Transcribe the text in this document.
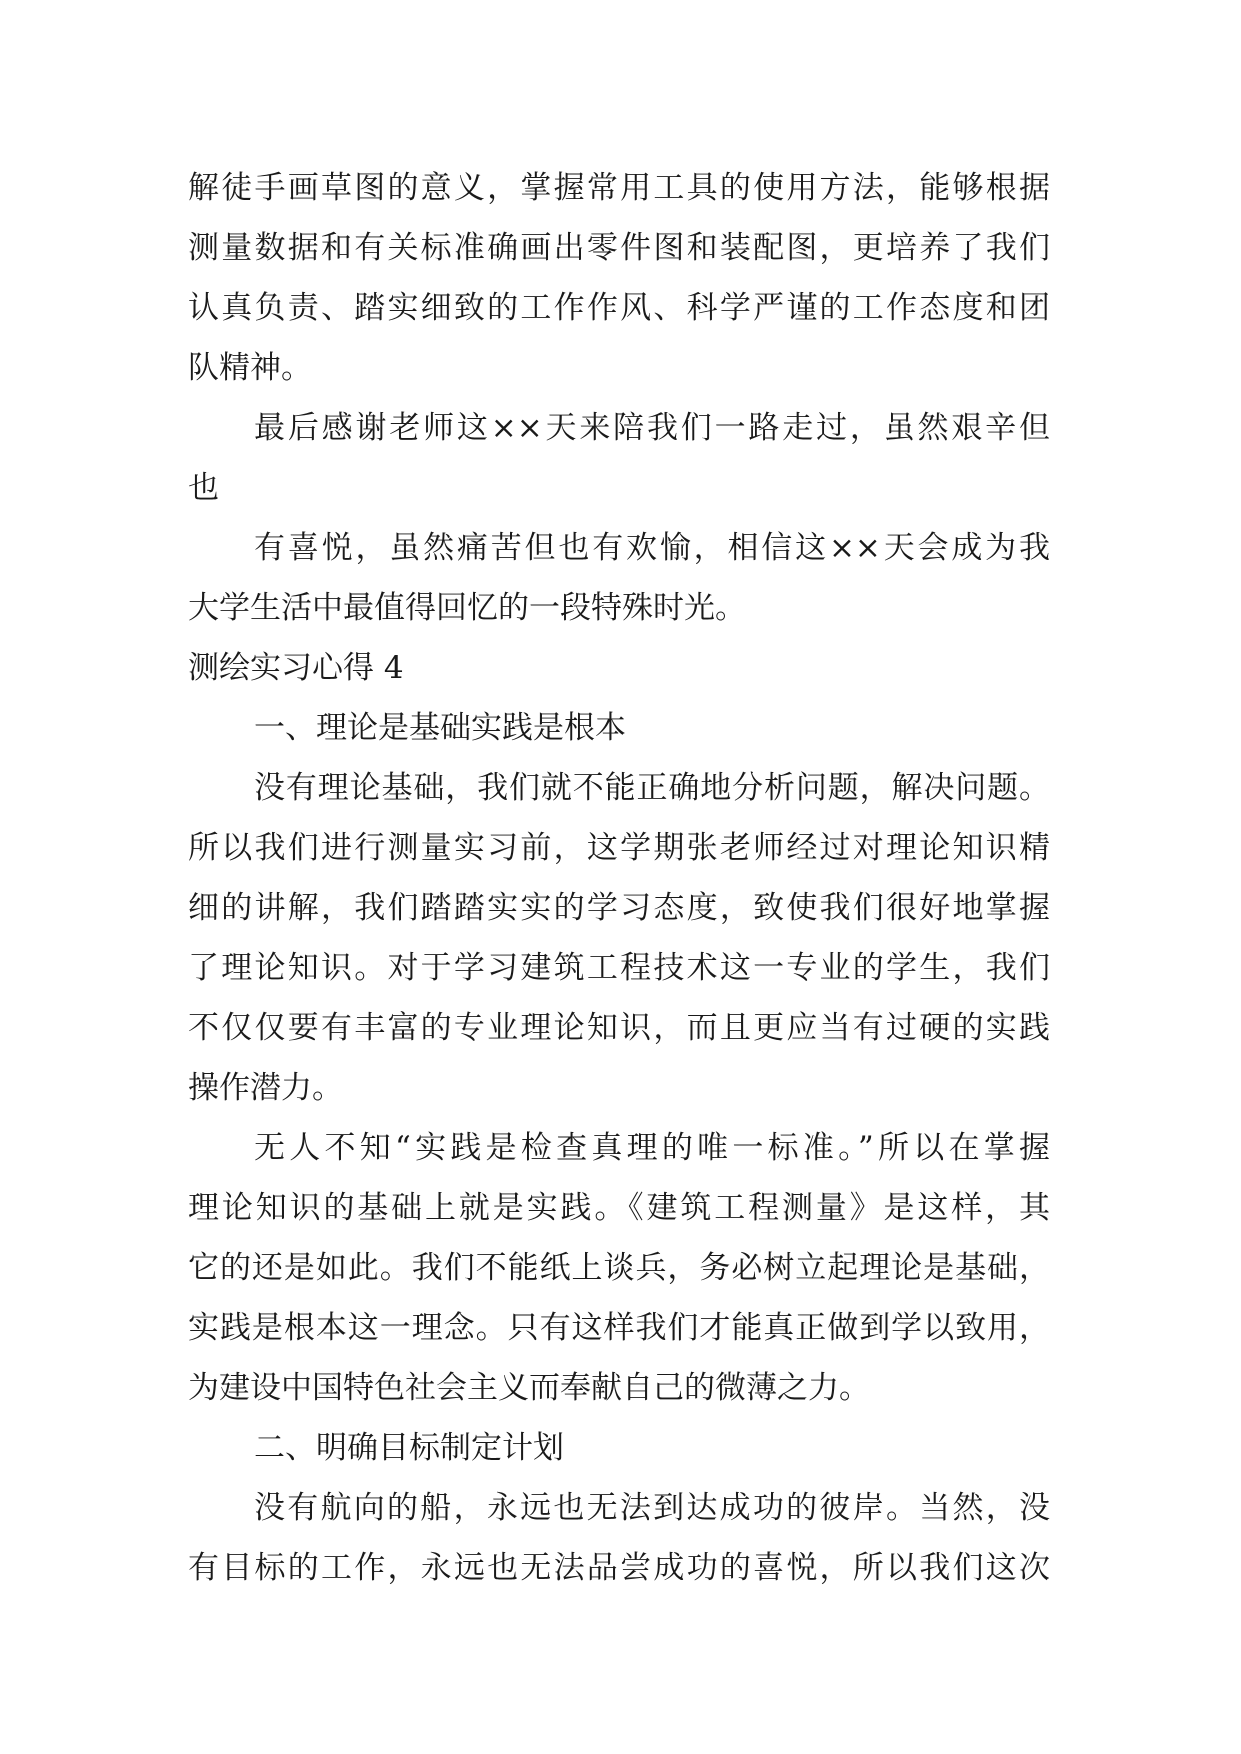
解徒手画草图的意义，掌握常用工具的使用方法，能够根据
测量数据和有关标准确画出零件图和装配图，更培养了我们
认真负责、踏实细致的工作作风、科学严谨的工作态度和团
队精神。
最后感谢老师这××天来陪我们一路走过，虽然艰辛但
也
有喜悦，虽然痛苦但也有欢愉，相信这××天会成为我
大学生活中最值得回忆的一段特殊时光。
测绘实习心得 4
一、理论是基础实践是根本
没有理论基础，我们就不能正确地分析问题，解决问题。
所以我们进行测量实习前，这学期张老师经过对理论知识精
细的讲解，我们踏踏实实的学习态度，致使我们很好地掌握
了理论知识。对于学习建筑工程技术这一专业的学生，我们
不仅仅要有丰富的专业理论知识，而且更应当有过硬的实践
操作潜力。
无人不知“实践是检查真理的唯一标准。”所以在掌握
理论知识的基础上就是实践。《建筑工程测量》是这样，其
它的还是如此。我们不能纸上谈兵，务必树立起理论是基础，
实践是根本这一理念。只有这样我们才能真正做到学以致用，
为建设中国特色社会主义而奉献自己的微薄之力。
二、明确目标制定计划
没有航向的船，永远也无法到达成功的彼岸。当然，没
有目标的工作，永远也无法品尝成功的喜悦，所以我们这次
